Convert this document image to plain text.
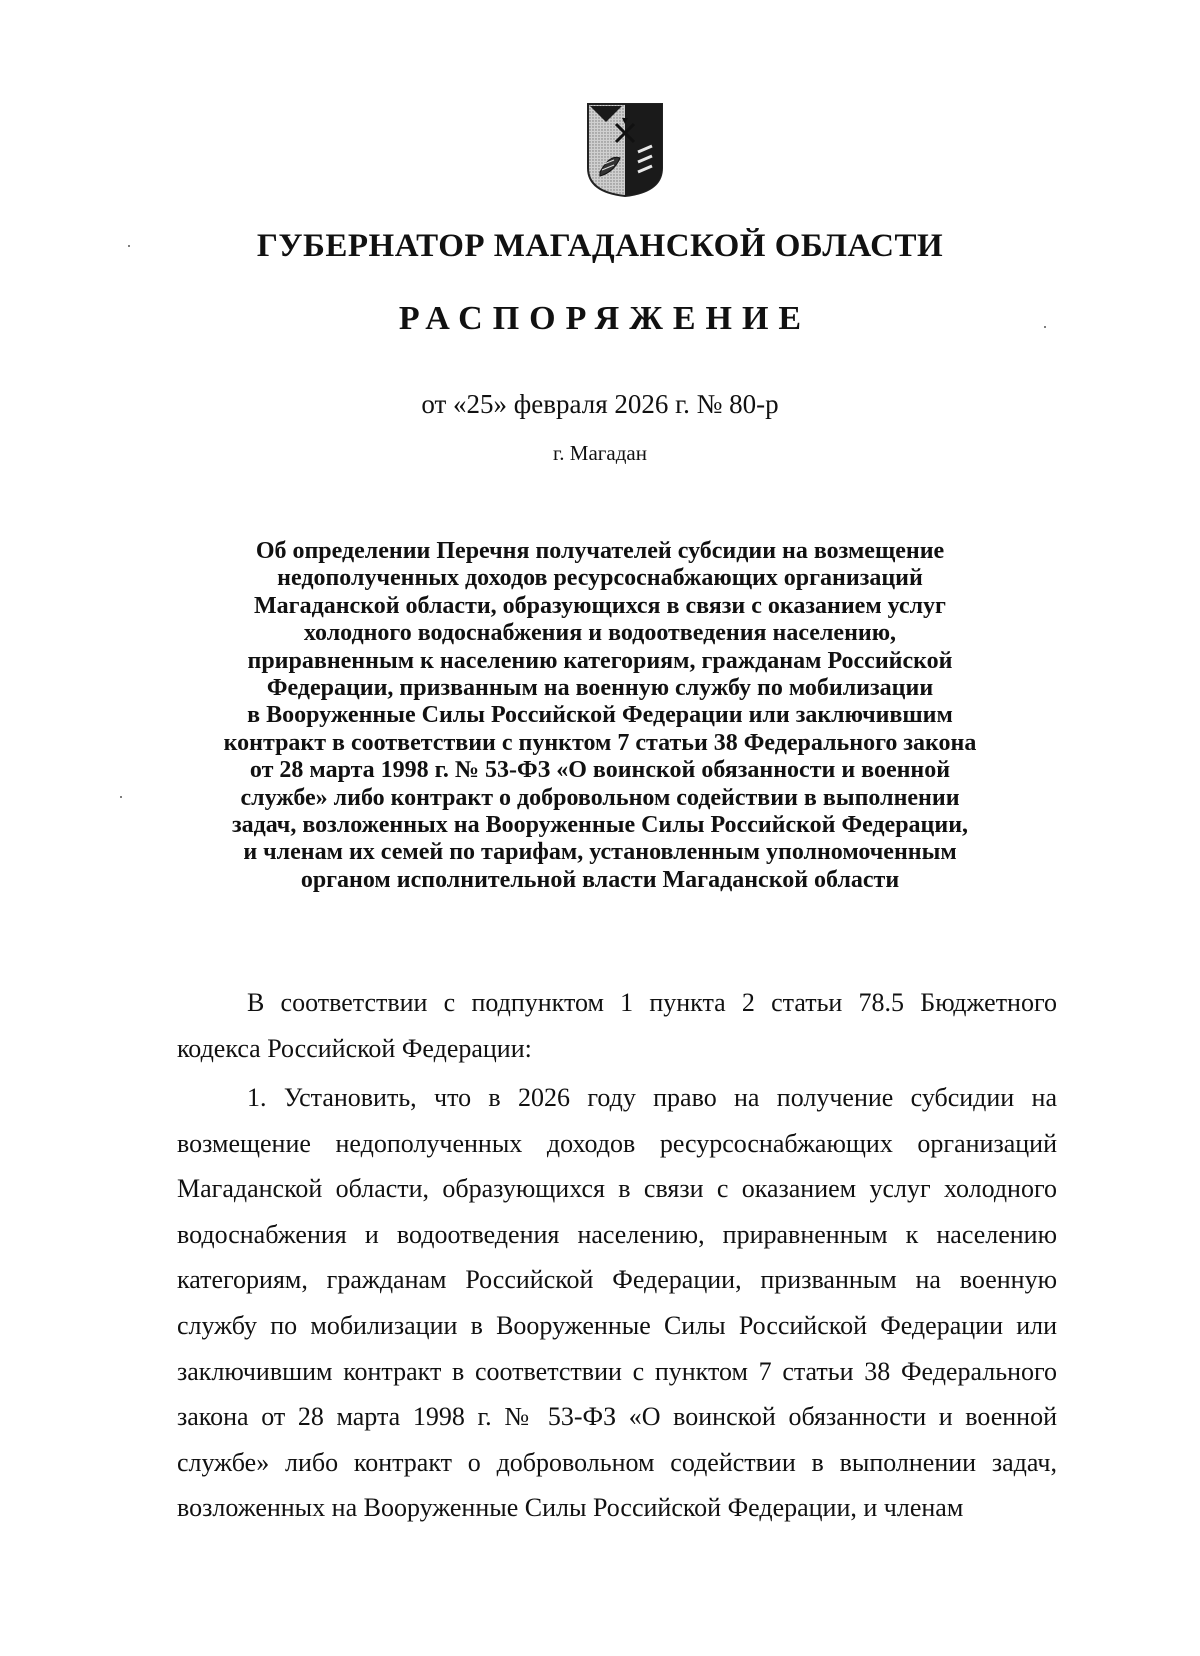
ГУБЕРНАТОР МАГАДАНСКОЙ ОБЛАСТИ
РАСПОРЯЖЕНИЕ
от «25» февраля 2026 г. № 80-р
г. Магадан
Об определении Перечня получателей субсидии на возмещение
недополученных доходов ресурсоснабжающих организаций
Магаданской области, образующихся в связи с оказанием услуг
холодного водоснабжения и водоотведения населению,
приравненным к населению категориям, гражданам Российской
Федерации, призванным на военную службу по мобилизации
в Вооруженные Силы Российской Федерации или заключившим
контракт в соответствии с пунктом 7 статьи 38 Федерального закона
от 28 марта 1998 г. № 53-ФЗ «О воинской обязанности и военной
службе» либо контракт о добровольном содействии в выполнении
задач, возложенных на Вооруженные Силы Российской Федерации,
и членам их семей по тарифам, установленным уполномоченным
органом исполнительной власти Магаданской области

В соответствии с подпунктом 1 пункта 2 статьи 78.5 Бюджетного кодекса Российской Федерации:

1. Установить, что в 2026 году право на получение субсидии на возмещение недополученных доходов ресурсоснабжающих организаций Магаданской области, образующихся в связи с оказанием услуг холодного водоснабжения и водоотведения населению, приравненным к населению категориям, гражданам Российской Федерации, призванным на военную службу по мобилизации в Вооруженные Силы Российской Федерации или заключившим контракт в соответствии с пунктом 7 статьи 38 Федерального закона от 28 марта 1998 г. № 53-ФЗ «О воинской обязанности и военной службе» либо контракт о добровольном содействии в выполнении задач, возложенных на Вооруженные Силы Российской Федерации, и членам
